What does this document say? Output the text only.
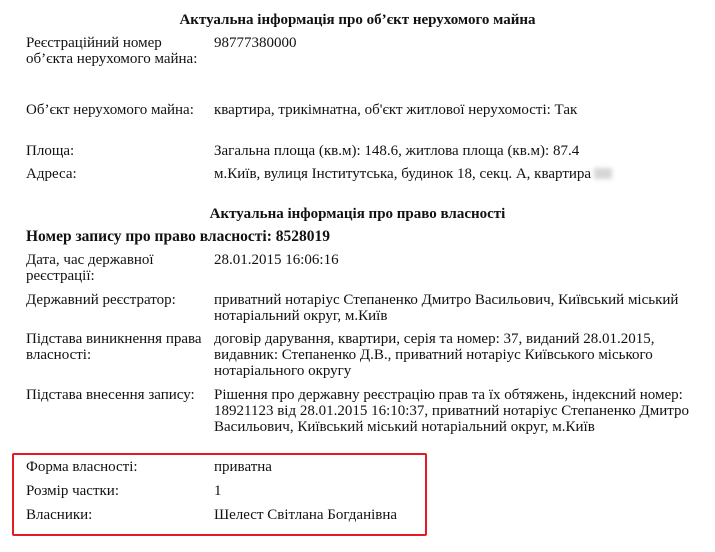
Актуальна інформація про об’єкт нерухомого майна
Реєстраційний номер об’єкта нерухомого майна:
98777380000
Об’єкт нерухомого майна:	квартира, трикімнатна, об'єкт житлової нерухомості: Так
Площа:	Загальна площа (кв.м): 148.6, житлова площа (кв.м): 87.4
Адреса:	м.Київ, вулиця Інститутська, будинок 18, секц. А, квартира
Актуальна інформація про право власності
Номер запису про право власності: 8528019
Дата, час державної реєстрації:
28.01.2015 16:06:16
Державний реєстратор:	приватний нотаріус Степаненко Дмитро Васильович, Київський міський нотаріальний округ, м.Київ
Підстава виникнення права власності:
договір дарування, квартири, серія та номер: 37, виданий 28.01.2015, видавник: Степаненко Д.В., приватний нотаріус Київського міського нотаріального округу
Підстава внесення запису:	Рішення про державну реєстрацію прав та їх обтяжень, індексний номер: 18921123 від 28.01.2015 16:10:37, приватний нотаріус Степаненко Дмитро Васильович, Київський міський нотаріальний округ, м.Київ
Форма власності:	приватна
Розмір частки:	1
Власники:	Шелест Світлана Богданівна
